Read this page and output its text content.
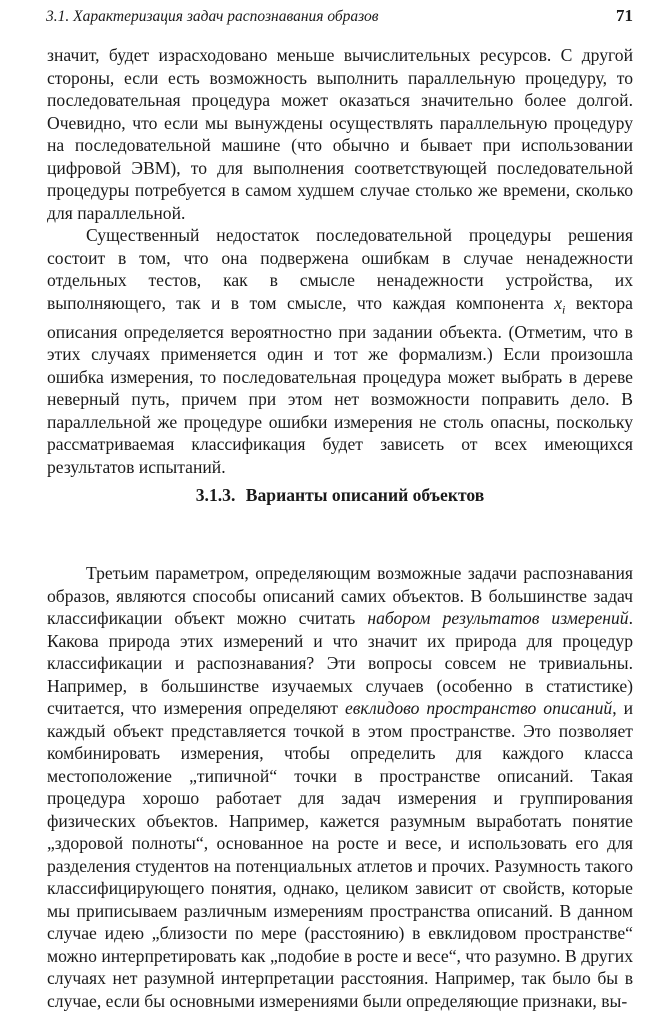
3.1. Характеризация задач распознавания образов	71

значит, будет израсходовано меньше вычислительных ресурсов. С другой стороны, если есть возможность выполнить параллельную процедуру, то последовательная процедура может оказаться значительно более долгой. Очевидно, что если мы вынуждены осуществлять параллельную процедуру на последовательной машине (что обычно и бывает при использовании цифровой ЭВМ), то для выполнения соответствующей последовательной процедуры потребуется в самом худшем случае столько же времени, сколько для параллельной.

Существенный недостаток последовательной процедуры решения состоит в том, что она подвержена ошибкам в случае ненадежности отдельных тестов, как в смысле ненадежности устройства, их выполняющего, так и в том смысле, что каждая компонента $x_i$ вектора описания определяется вероятностно при задании объекта. (Отметим, что в этих случаях применяется один и тот же формализм.) Если произошла ошибка измерения, то последовательная процедура может выбрать в дереве неверный путь, причем при этом нет возможности поправить дело. В параллельной же процедуре ошибки измерения не столь опасны, поскольку рассматриваемая классификация будет зависеть от всех имеющихся результатов испытаний.

3.1.3. Варианты описаний объектов

Третьим параметром, определяющим возможные задачи распознавания образов, являются способы описаний самих объектов. В большинстве задач классификации объект можно считать набором результатов измерений. Какова природа этих измерений и что значит их природа для процедур классификации и распознавания? Эти вопросы совсем не тривиальны. Например, в большинстве изучаемых случаев (особенно в статистике) считается, что измерения определяют евклидово пространство описаний, и каждый объект представляется точкой в этом пространстве. Это позволяет комбинировать измерения, чтобы определить для каждого класса местоположение „типичной“ точки в пространстве описаний. Такая процедура хорошо работает для задач измерения и группирования физических объектов. Например, кажется разумным выработать понятие „здоровой полноты“, основанное на росте и весе, и использовать его для разделения студентов на потенциальных атлетов и прочих. Разумность такого классифицирующего понятия, однако, целиком зависит от свойств, которые мы приписываем различным измерениям пространства описаний. В данном случае идею „близости по мере (расстоянию) в евклидовом пространстве“ можно интерпретировать как „подобие в росте и весе“, что разумно. В других случаях нет разумной интерпретации расстояния. Например, так было бы в случае, если бы основными измерениями были определяющие признаки, вы-
